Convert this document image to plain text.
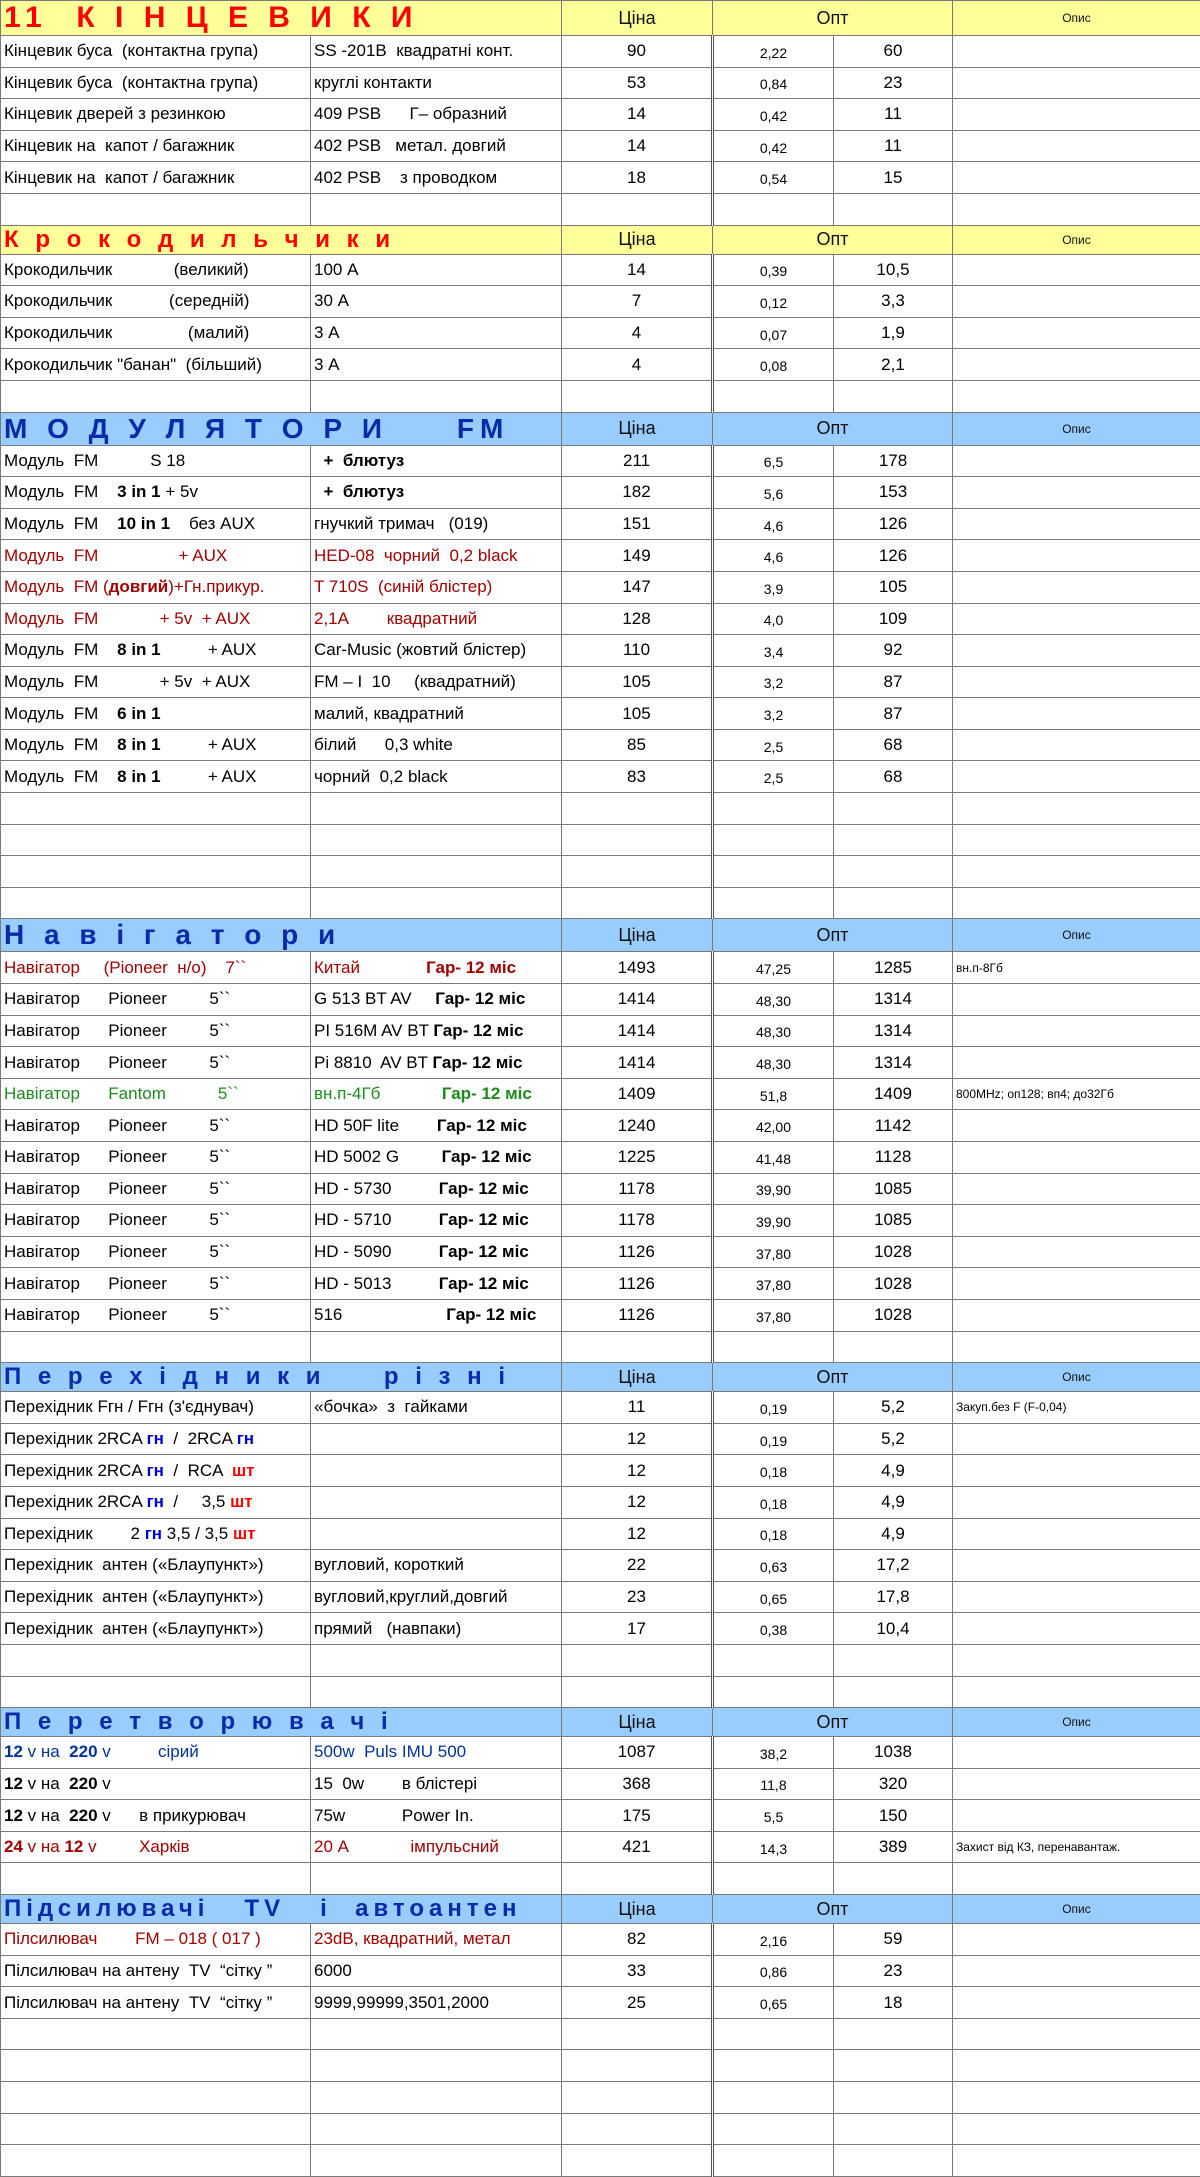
11  К І Н Ц Е В И К И		Ціна	Опт		Опис
Кінцевик буса  (контактна група)	SS -201В  квадратні конт.	90	2,22	60	
Кінцевик буса  (контактна група)	круглі контакти	53	0,84	23	
Кінцевик дверей з резинкою	409 PSB      Г– образний	14	0,42	11	
Кінцевик на  капот / багажник	402 PSB   метал. довгий	14	0,42	11	
Кінцевик на  капот / багажник	402 PSB    з проводком	18	0,54	15	

К р о к о д и л ь ч и к и		Ціна	Опт		Опис
Крокодильчик             (великий)	100 А	14	0,39	10,5	
Крокодильчик            (середній)	30 А	7	0,12	3,3	
Крокодильчик                (малий)	3 А	4	0,07	1,9	
Крокодильчик "банан"  (більший)	3 А	4	0,08	2,1	

М О Д У Л Я Т О Р И     FM		Ціна	Опт		Опис
Модуль  FM           S 18	+  блютуз	211	6,5	178	
Модуль  FM    3 in 1 + 5v	+  блютуз	182	5,6	153	
Модуль  FM    10 in 1    без AUX	гнучкий тримач   (019)	151	4,6	126	
Модуль  FM                 + AUX	HED-08  чорний  0,2 black	149	4,6	126	
Модуль  FM (довгий)+Гн.прикур.	T 710S  (синій блістер)	147	3,9	105	
Модуль  FM             + 5v  + AUX	2,1А        квадратний	128	4,0	109	
Модуль  FM    8 in 1          + AUX	Car-Music (жовтий блістер)	110	3,4	92	
Модуль  FM             + 5v  + AUX	FM – I  10     (квадратний)	105	3,2	87	
Модуль  FM    6 in 1	малий, квадратний	105	3,2	87	
Модуль  FM    8 in 1          + AUX	білий      0,3 white	85	2,5	68	
Модуль  FM    8 in 1          + AUX	чорний  0,2 black	83	2,5	68	

Н а в і г а т о р и		Ціна	Опт		Опис
Навігатор     (Pioneer  н/о)    7``	Китай              Гар- 12 міс	1493	47,25	1285	вн.п-8Гб
Навігатор      Pioneer         5``	G 513 BT AV     Гар- 12 міс	1414	48,30	1314	
Навігатор      Pioneer         5``	PI 516M AV BT Гар- 12 міс	1414	48,30	1314	
Навігатор      Pioneer         5``	Pi 8810  AV BT Гар- 12 міс	1414	48,30	1314	
Навігатор      Fantom           5``	вн.п-4Гб             Гар- 12 міс	1409	51,8	1409	800MHz; оп128; вп4; до32Гб
Навігатор      Pioneer         5``	HD 50F lite        Гар- 12 міс	1240	42,00	1142	
Навігатор      Pioneer         5``	HD 5002 G         Гар- 12 міс	1225	41,48	1128	
Навігатор      Pioneer         5``	HD - 5730          Гар- 12 міс	1178	39,90	1085	
Навігатор      Pioneer         5``	HD - 5710          Гар- 12 міс	1178	39,90	1085	
Навігатор      Pioneer         5``	HD - 5090          Гар- 12 міс	1126	37,80	1028	
Навігатор      Pioneer         5``	HD - 5013          Гар- 12 міс	1126	37,80	1028	
Навігатор      Pioneer         5``	516                      Гар- 12 міс	1126	37,80	1028	

П е р е х і д н и к и     р і з н і		Ціна	Опт		Опис
Перехідник Fгн / Fгн (з'єднувач)	«бочка»  з  гайками	11	0,19	5,2	Закуп.без F (F-0,04)
Перехідник 2RCA гн  /  2RCA гн		12	0,19	5,2	
Перехідник 2RCA гн  /  RCA  шт		12	0,18	4,9	
Перехідник 2RCA гн  /     3,5 шт		12	0,18	4,9	
Перехідник        2 гн 3,5 / 3,5 шт		12	0,18	4,9	
Перехідник  антен («Блаупункт»)	вугловий, короткий	22	0,63	17,2	
Перехідник  антен («Блаупункт»)	вугловий,круглий,довгий	23	0,65	17,8	
Перехідник  антен («Блаупункт»)	прямий   (навпаки)	17	0,38	10,4	

П е р е т в о р ю в а ч і		Ціна	Опт		Опис
12 v на  220 v          сірий	500w  Puls IMU 500	1087	38,2	1038	
12 v на  220 v	15  0w        в блістері	368	11,8	320	
12 v на  220 v      в прикурювач	75w            Power In.	175	5,5	150	
24 v на 12 v         Харків	20 А             імпульсний	421	14,3	389	Захист від КЗ, перенавантаж.

Підсилювачі   TV   і  автоантен		Ціна	Опт		Опис
Пілсилювач        FM – 018 ( 017 )	23dB, квадратний, метал	82	2,16	59	
Пілсилювач на антену  TV  “сітку ”	6000	33	0,86	23	
Пілсилювач на антену  TV  “сітку ”	9999,99999,3501,2000	25	0,65	18	
